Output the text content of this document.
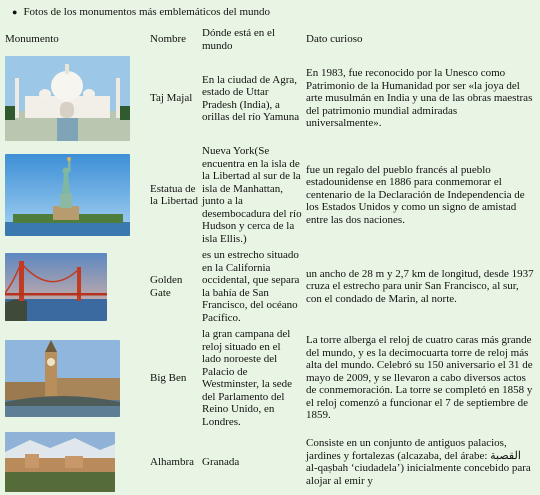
● Fotos de los monumentos más emblemáticos del mundo
Monumento	Nombre	Dónde está en el mundo	Dato curioso

	Taj Majal	En la ciudad de Agra, estado de Uttar Pradesh (India), a orillas del río Yamuna	En 1983, fue reconocido por la Unesco como Patrimonio de la Humanidad por ser «la joya del arte musulmán en India y una de las obras maestras del patrimonio mundial admiradas universalmente».

	Estatua de la Libertad	Nueva York(Se encuentra en la isla de la Libertad al sur de la isla de Manhattan, junto a la desembocadura del río Hudson y cerca de la isla Ellis.)	fue un regalo del pueblo francés al pueblo estadounidense en 1886 para conmemorar el centenario de la Declaración de Independencia de los Estados Unidos y como un signo de amistad entre las dos naciones.

	Golden Gate	es un estrecho situado en la California occidental, que separa la bahía de San Francisco, del océano Pacífico.	un ancho de 28 m y 2,7 km de longitud, desde 1937 cruza el estrecho para unir San Francisco, al sur, con el condado de Marin, al norte.

	Big Ben	la gran campana del reloj situado en el lado noroeste del Palacio de Westminster, la sede del Parlamento del Reino Unido, en Londres.	La torre alberga el reloj de cuatro caras más grande del mundo, y es la decimocuarta torre de reloj más alta del mundo. Celebró su 150 aniversario el 31 de mayo de 2009, y se llevaron a cabo diversos actos de conmemoración. La torre se completó en 1858 y el reloj comenzó a funcionar el 7 de septiembre de 1859.

	Alhambra	Granada	Consiste en un conjunto de antiguos palacios, jardines y fortalezas (alcazaba, del árabe: القصبة al-qaṣbah ‘ciudadela’) inicialmente concebido para alojar al emir y
